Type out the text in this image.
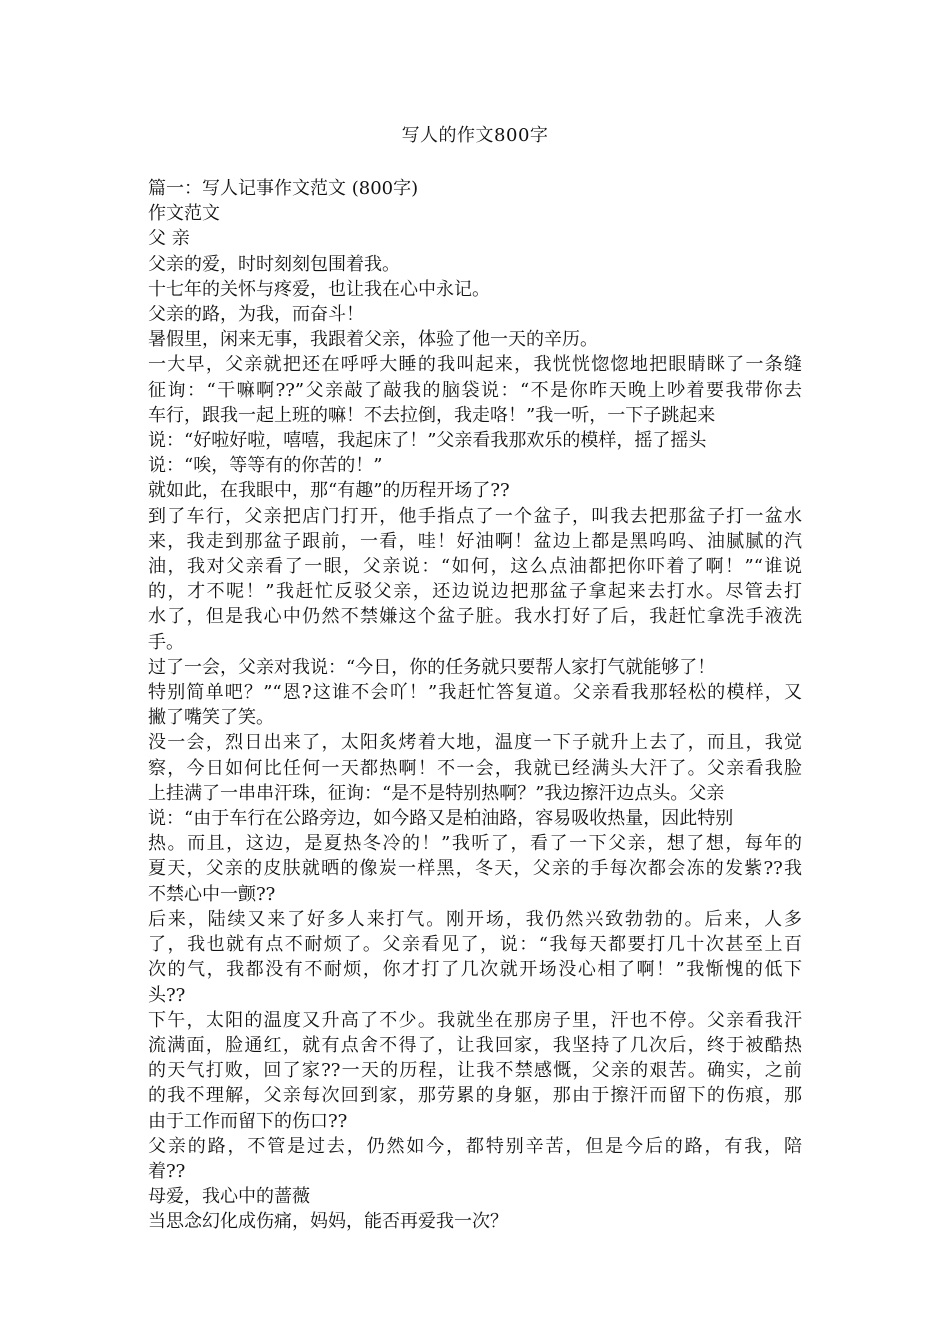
写人的作文800字
篇一：写人记事作文范文 (800字)
作文范文
父 亲
父亲的爱，时时刻刻包围着我。
十七年的关怀与疼爱，也让我在心中永记。
父亲的路，为我，而奋斗！
暑假里，闲来无事，我跟着父亲，体验了他一天的辛历。
一大早，父亲就把还在呼呼大睡的我叫起来，我恍恍惚惚地把眼睛眯了一条缝
征询：“干嘛啊??”父亲敲了敲我的脑袋说：“不是你昨天晚上吵着要我带你去
车行，跟我一起上班的嘛！不去拉倒，我走咯！”我一听，一下子跳起来
说：“好啦好啦，嘻嘻，我起床了！”父亲看我那欢乐的模样，摇了摇头
说：“唉，等等有的你苦的！”
就如此，在我眼中，那“有趣”的历程开场了??
到了车行，父亲把店门打开，他手指点了一个盆子，叫我去把那盆子打一盆水
来，我走到那盆子跟前，一看，哇！好油啊！盆边上都是黑呜呜、油腻腻的汽
油，我对父亲看了一眼，父亲说：“如何，这么点油都把你吓着了啊！”“谁说
的，才不呢！”我赶忙反驳父亲，还边说边把那盆子拿起来去打水。尽管去打
水了，但是我心中仍然不禁嫌这个盆子脏。我水打好了后，我赶忙拿洗手液洗
手。
过了一会，父亲对我说：“今日，你的任务就只要帮人家打气就能够了！
特别简单吧？”“恩?这谁不会吖！”我赶忙答复道。父亲看我那轻松的模样，又
撇了嘴笑了笑。
没一会，烈日出来了，太阳炙烤着大地，温度一下子就升上去了，而且，我觉
察，今日如何比任何一天都热啊！不一会，我就已经满头大汗了。父亲看我脸
上挂满了一串串汗珠，征询：“是不是特别热啊？”我边擦汗边点头。父亲
说：“由于车行在公路旁边，如今路又是柏油路，容易吸收热量，因此特别
热。而且，这边，是夏热冬冷的！”我听了，看了一下父亲，想了想，每年的
夏天，父亲的皮肤就晒的像炭一样黑，冬天，父亲的手每次都会冻的发紫??我
不禁心中一颤??
后来，陆续又来了好多人来打气。刚开场，我仍然兴致勃勃的。后来，人多
了，我也就有点不耐烦了。父亲看见了，说：“我每天都要打几十次甚至上百
次的气，我都没有不耐烦，你才打了几次就开场没心相了啊！”我惭愧的低下
头??
下午，太阳的温度又升高了不少。我就坐在那房子里，汗也不停。父亲看我汗
流满面，脸通红，就有点舍不得了，让我回家，我坚持了几次后，终于被酷热
的天气打败，回了家??一天的历程，让我不禁感慨，父亲的艰苦。确实，之前
的我不理解，父亲每次回到家，那劳累的身躯，那由于擦汗而留下的伤痕，那
由于工作而留下的伤口??
父亲的路，不管是过去，仍然如今，都特别辛苦，但是今后的路，有我，陪
着??
母爱，我心中的蔷薇
当思念幻化成伤痛，妈妈，能否再爱我一次？
